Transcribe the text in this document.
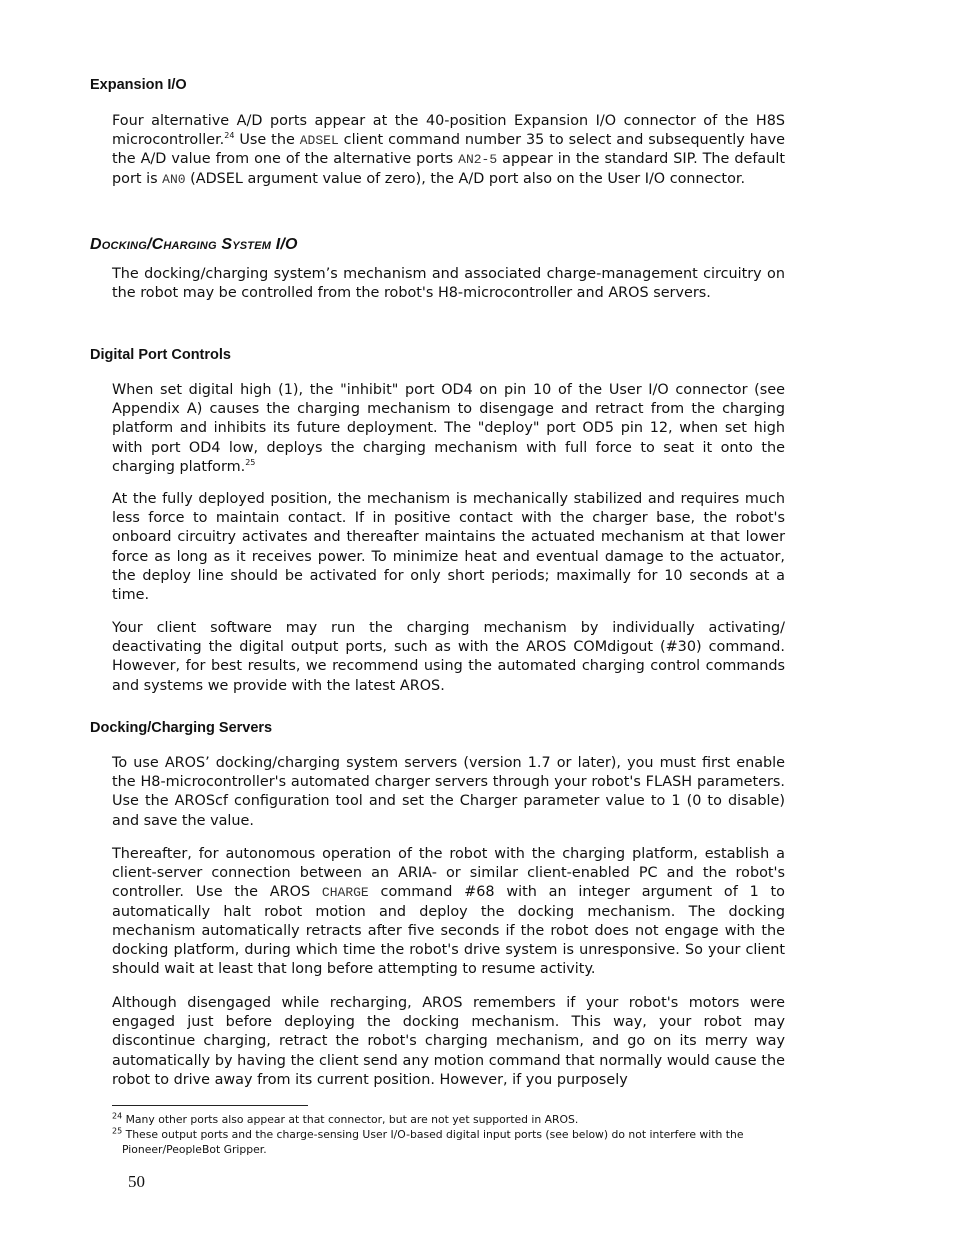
Expansion I/O

Four alternative A/D ports appear at the 40-position Expansion I/O connector of the H8S microcontroller.$^{24}$ Use the ADSEL client command number 35 to select and subsequently have the A/D value from one of the alternative ports AN2-5 appear in the standard SIP. The default port is AN0 (ADSEL argument value of zero), the A/D port also on the User I/O connector.

Docking/Charging System I/O

The docking/charging system’s mechanism and associated charge-management circuitry on the robot may be controlled from the robot's H8-microcontroller and AROS servers.

Digital Port Controls

When set digital high (1), the "inhibit" port OD4 on pin 10 of the User I/O connector (see Appendix A) causes the charging mechanism to disengage and retract from the charging platform and inhibits its future deployment. The "deploy" port OD5 pin 12, when set high with port OD4 low, deploys the charging mechanism with full force to seat it onto the charging platform.$^{25}$

At the fully deployed position, the mechanism is mechanically stabilized and requires much less force to maintain contact. If in positive contact with the charger base, the robot's onboard circuitry activates and thereafter maintains the actuated mechanism at that lower force as long as it receives power. To minimize heat and eventual damage to the actuator, the deploy line should be activated for only short periods; maximally for 10 seconds at a time.

Your client software may run the charging mechanism by individually activating/ deactivating the digital output ports, such as with the AROS COMdigout (#30) command. However, for best results, we recommend using the automated charging control commands and systems we provide with the latest AROS.

Docking/Charging Servers

To use AROS’ docking/charging system servers (version 1.7 or later), you must first enable the H8-microcontroller's automated charger servers through your robot's FLASH parameters. Use the AROScf configuration tool and set the Charger parameter value to 1 (0 to disable) and save the value.

Thereafter, for autonomous operation of the robot with the charging platform, establish a client-server connection between an ARIA- or similar client-enabled PC and the robot's controller. Use the AROS CHARGE command #68 with an integer argument of 1 to automatically halt robot motion and deploy the docking mechanism. The docking mechanism automatically retracts after five seconds if the robot does not engage with the docking platform, during which time the robot's drive system is unresponsive. So your client should wait at least that long before attempting to resume activity.

Although disengaged while recharging, AROS remembers if your robot's motors were engaged just before deploying the docking mechanism. This way, your robot may discontinue charging, retract the robot's charging mechanism, and go on its merry way automatically by having the client send any motion command that normally would cause the robot to drive away from its current position. However, if you purposely

$^{24}$ Many other ports also appear at that connector, but are not yet supported in AROS.

$^{25}$ These output ports and the charge-sensing User I/O-based digital input ports (see below) do not interfere with the Pioneer/PeopleBot Gripper.

50
